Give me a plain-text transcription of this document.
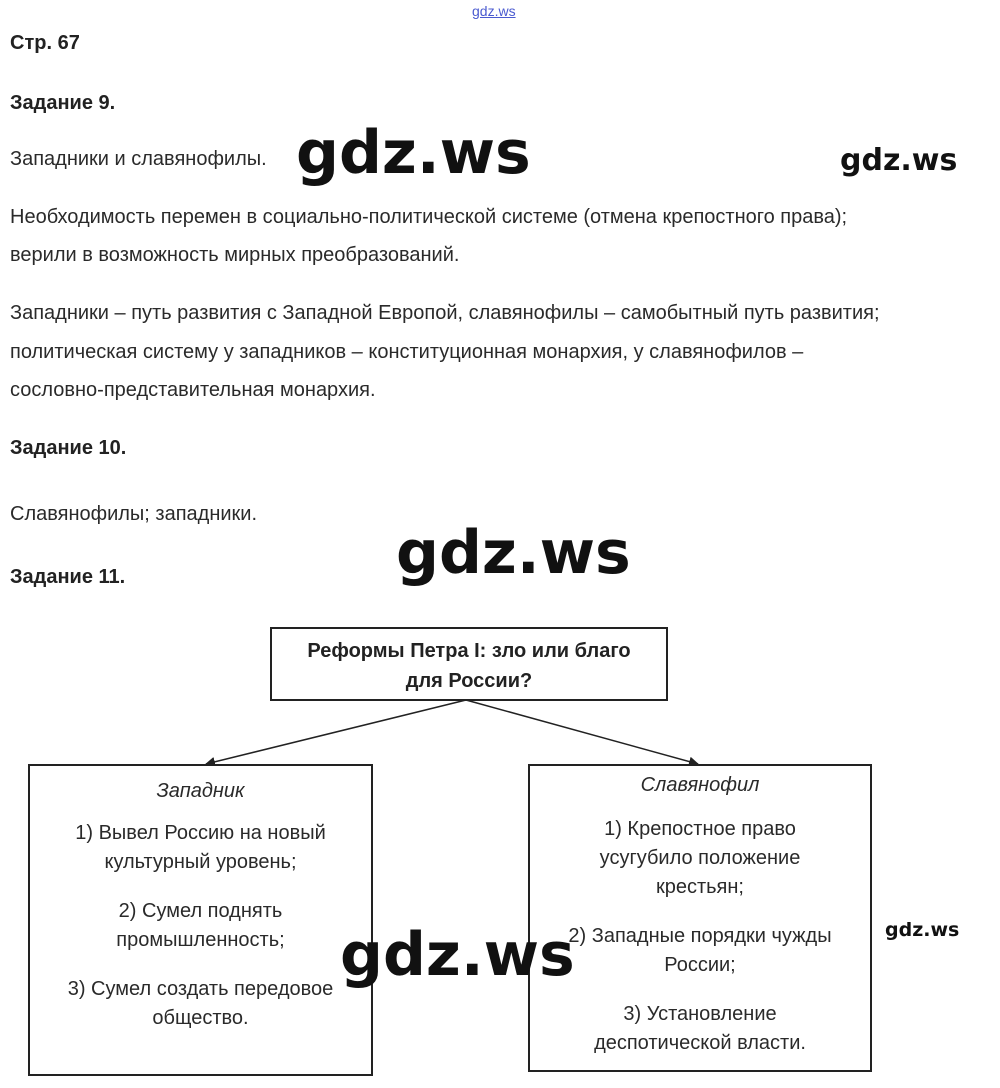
gdz.ws
Стр. 67
Задание 9.
Западники и славянофилы.
Необходимость перемен в социально-политической системе (отмена крепостного права);
верили в возможность мирных преобразований.
Западники – путь развития с Западной Европой, славянофилы – самобытный путь развития;
политическая систему у западников – конституционная монархия, у славянофилов –
сословно-представительная монархия.
Задание 10.
Славянофилы; западники.
Задание 11.
Реформы Петра I: зло или благо
для России?
Западник
1) Вывел Россию на новый культурный уровень;
2) Сумел поднять промышленность;
3) Сумел создать передовое общество.
Славянофил
1) Крепостное право усугубило положение крестьян;
2) Западные порядки чужды России;
3) Установление деспотической власти.
gdz.ws	gdz.ws
gdz.ws
gdz.ws	gdz.ws
